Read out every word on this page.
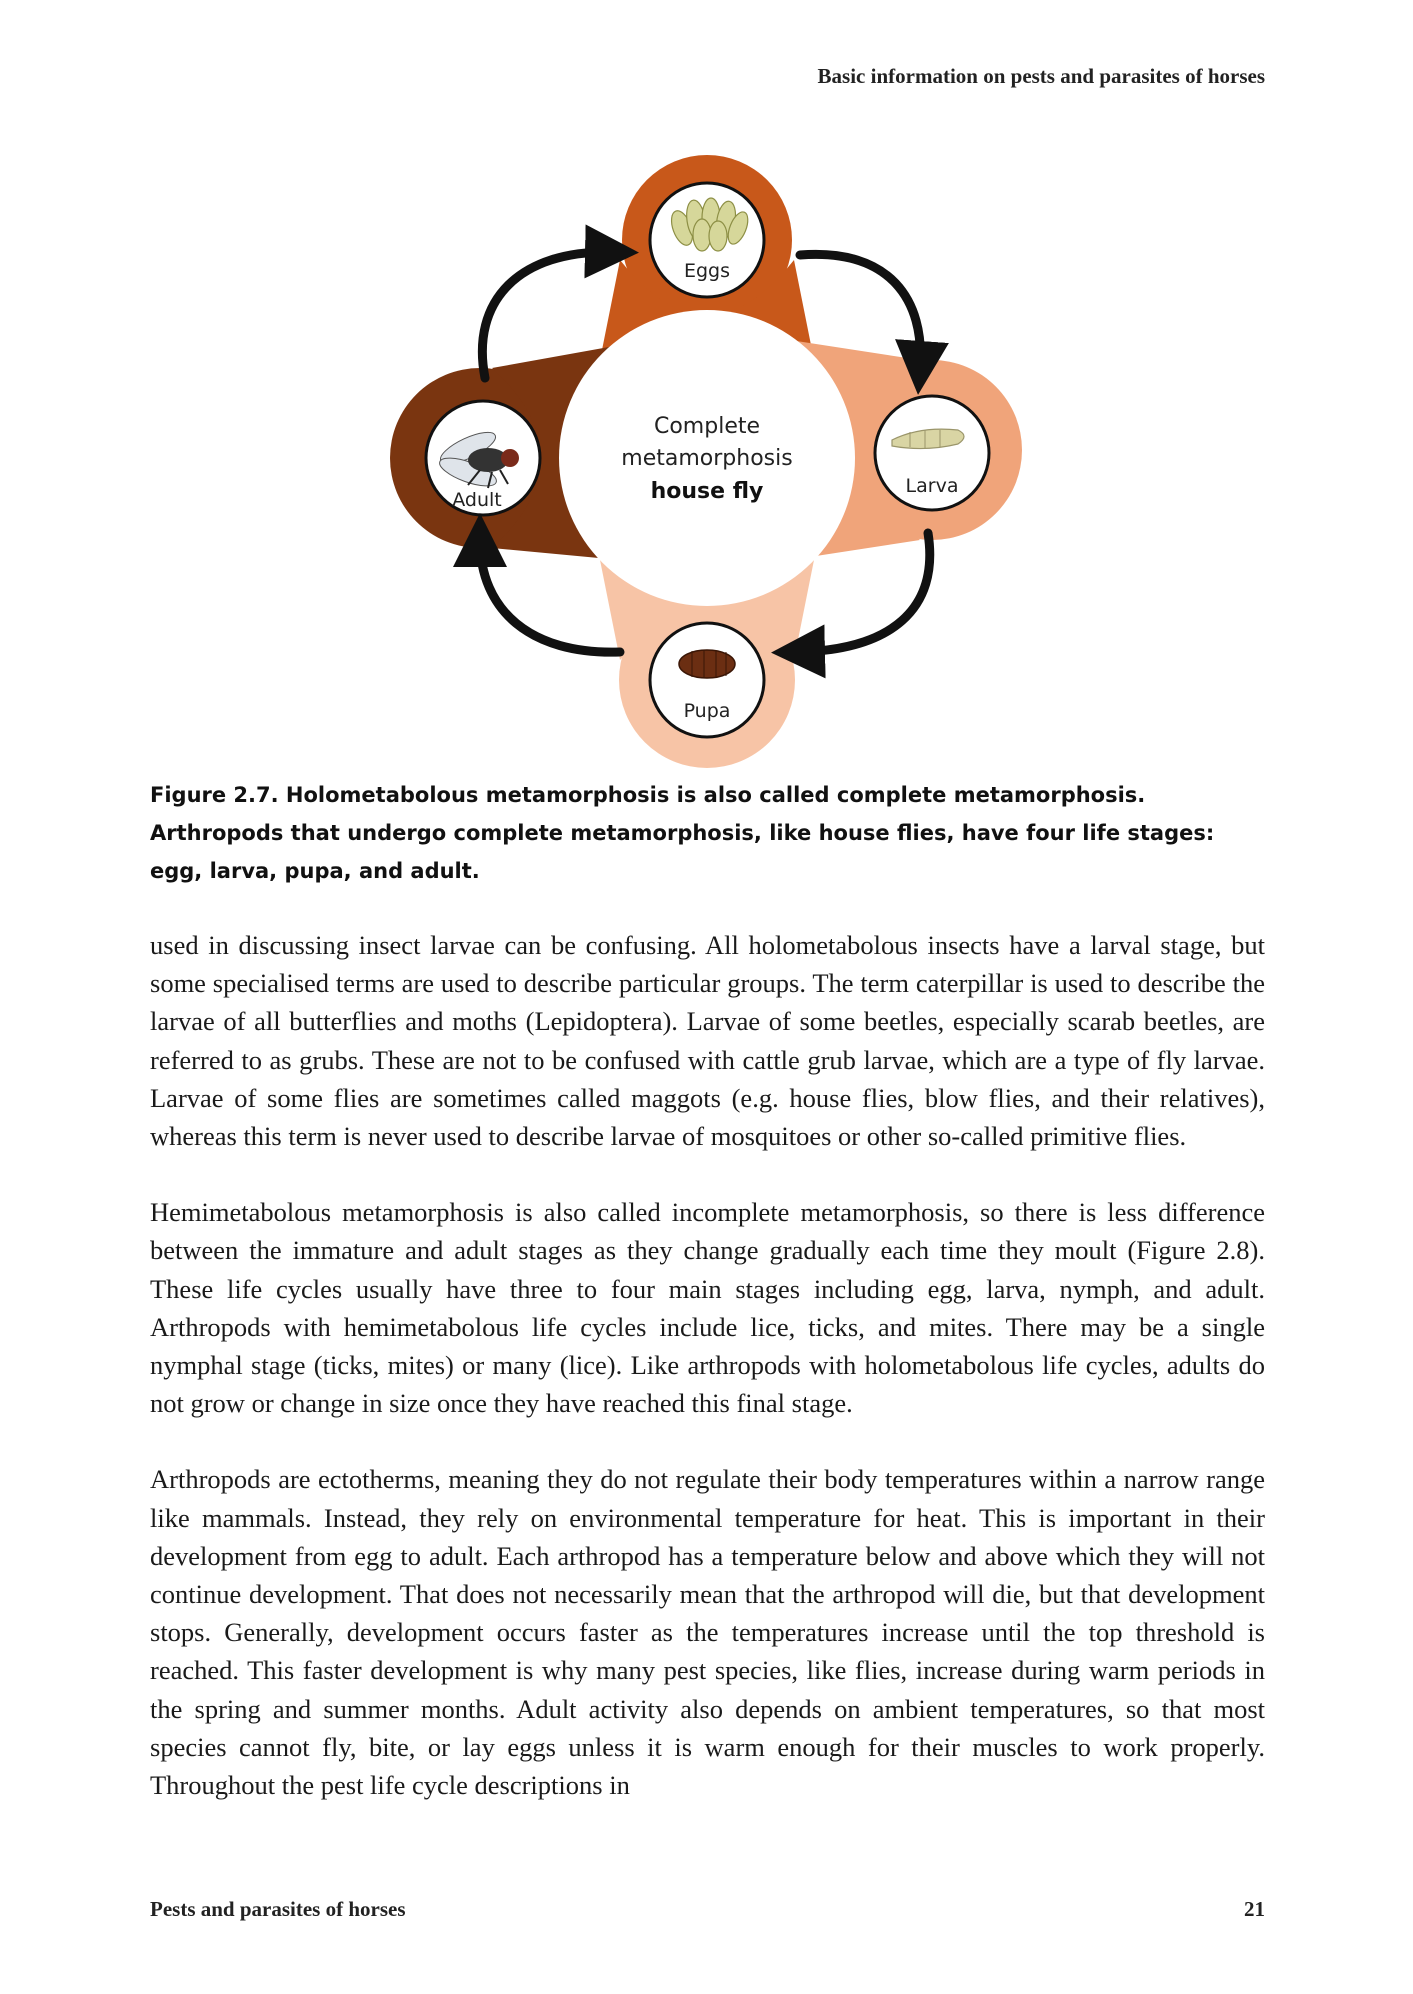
Basic information on pests and parasites of horses
Eggs
Larva
Pupa
Adult
Complete
metamorphosis
house fly
Figure 2.7. Holometabolous metamorphosis is also called complete metamorphosis. Arthropods that undergo complete metamorphosis, like house flies, have four life stages: egg, larva, pupa, and adult.

used in discussing insect larvae can be confusing. All holometabolous insects have a larval stage, but some specialised terms are used to describe particular groups. The term caterpillar is used to describe the larvae of all butterflies and moths (Lepidoptera). Larvae of some beetles, especially scarab beetles, are referred to as grubs. These are not to be confused with cattle grub larvae, which are a type of fly larvae. Larvae of some flies are sometimes called maggots (e.g. house flies, blow flies, and their relatives), whereas this term is never used to describe larvae of mosquitoes or other so-called primitive flies.

Hemimetabolous metamorphosis is also called incomplete metamorphosis, so there is less difference between the immature and adult stages as they change gradually each time they moult (Figure 2.8). These life cycles usually have three to four main stages including egg, larva, nymph, and adult. Arthropods with hemimetabolous life cycles include lice, ticks, and mites. There may be a single nymphal stage (ticks, mites) or many (lice). Like arthropods with holometabolous life cycles, adults do not grow or change in size once they have reached this final stage.

Arthropods are ectotherms, meaning they do not regulate their body temperatures within a narrow range like mammals. Instead, they rely on environmental temperature for heat. This is important in their development from egg to adult. Each arthropod has a temperature below and above which they will not continue development. That does not necessarily mean that the arthropod will die, but that development stops. Generally, development occurs faster as the temperatures increase until the top threshold is reached. This faster development is why many pest species, like flies, increase during warm periods in the spring and summer months. Adult activity also depends on ambient temperatures, so that most species cannot fly, bite, or lay eggs unless it is warm enough for their muscles to work properly. Throughout the pest life cycle descriptions in

Pests and parasites of horses	21
